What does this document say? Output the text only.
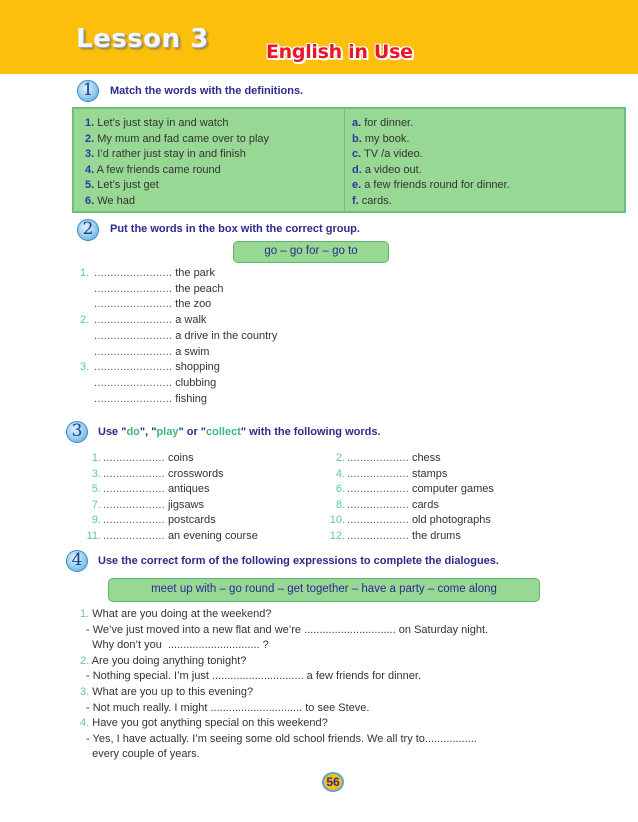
Lesson 3	English in Use
1	Match the words with the definitions.
1. Let’s just stay in and watch
2. My mum and fad came over to play
3. I’d rather just stay in and finish
4. A few friends came round
5. Let’s just get
6. We had
a. for dinner.
b. my book.
c. TV /a video.
d. a video out.
e. a few friends round for dinner.
f. cards.
2	Put the words in the box with the correct group.
go – go for – go to
1. ........................ the park
........................ the peach
........................ the zoo
2. ........................ a walk
........................ a drive in the country
........................ a swim
3. ........................ shopping
........................ clubbing
........................ fishing
3	Use "do", "play" or "collect" with the following words.
1. ................... coins	2. ................... chess
3. ................... crosswords	4. ................... stamps
5. ................... antiques	6. ................... computer games
7. ................... jigsaws	8. ................... cards
9. ................... postcards	10. ................... old photographs
11. ................... an evening course	12. ................... the drums
4	Use the correct form of the following expressions to complete the dialogues.
meet up with – go round – get together – have a party – come along
1. What are you doing at the weekend?
- We’ve just moved into a new flat and we’re .............................. on Saturday night.
Why don’t you  .............................. ?
2. Are you doing anything tonight?
- Nothing special. I’m just .............................. a few friends for dinner.
3. What are you up to this evening?
- Not much really. I might .............................. to see Steve.
4. Have you got anything special on this weekend?
- Yes, I have actually. I’m seeing some old school friends. We all try to.................
every couple of years.
56
